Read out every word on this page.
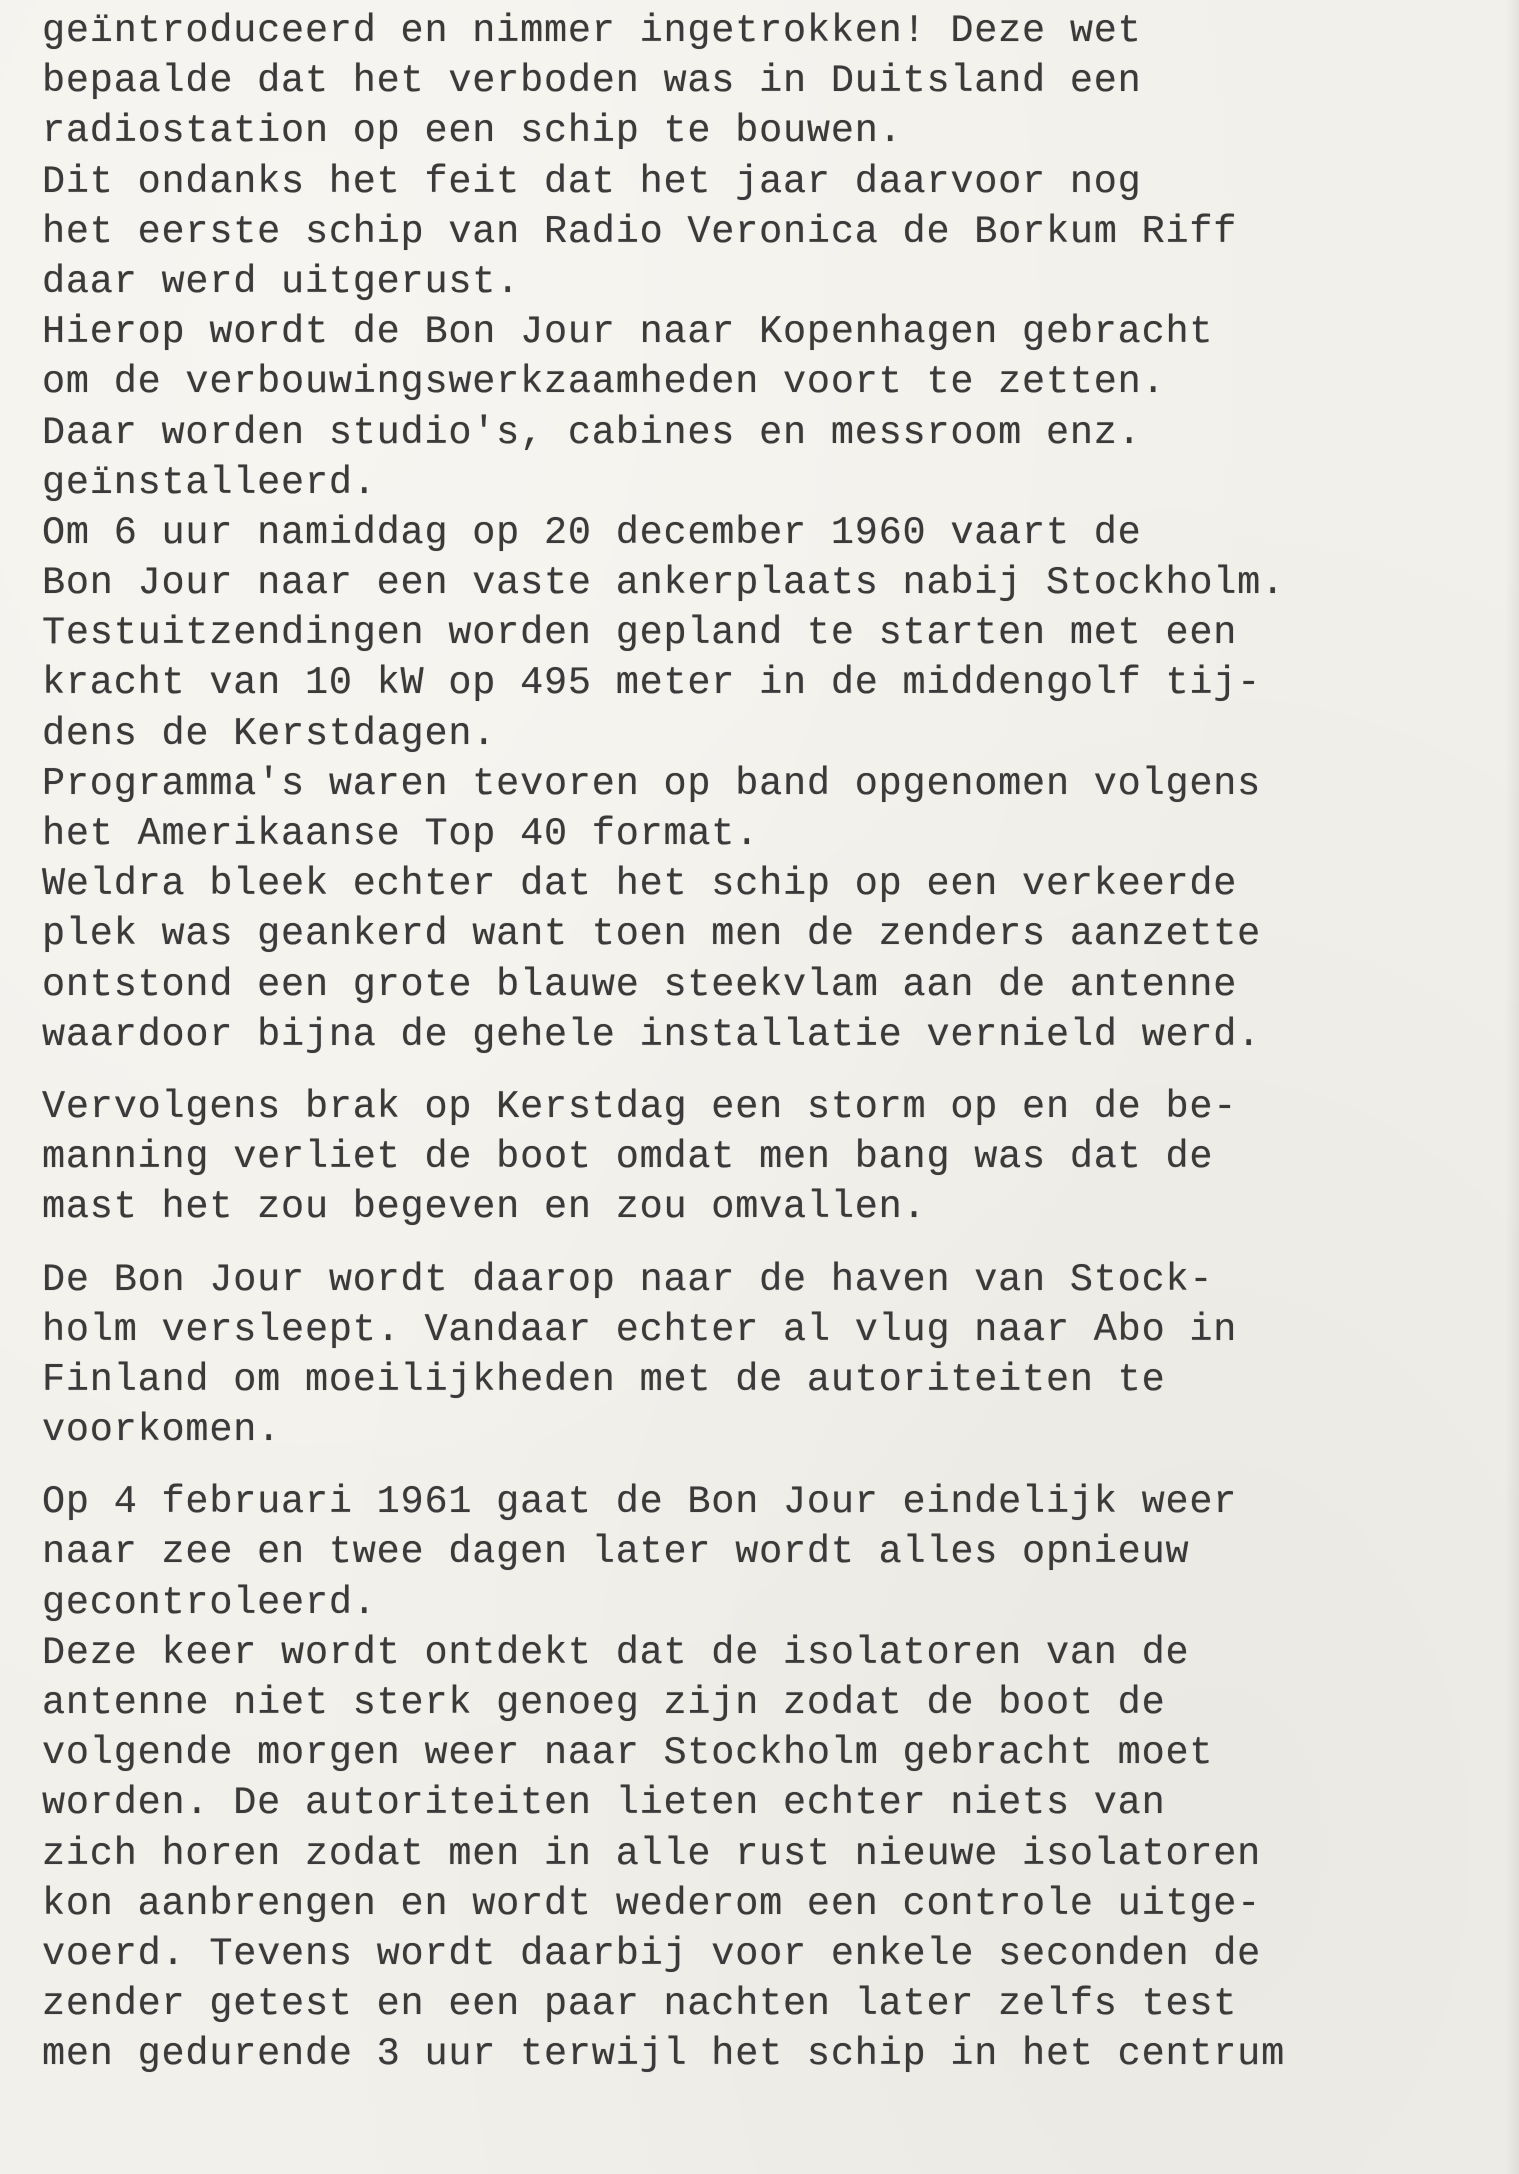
geïntroduceerd en nimmer ingetrokken! Deze wet
bepaalde dat het verboden was in Duitsland een
radiostation op een schip te bouwen.
Dit ondanks het feit dat het jaar daarvoor nog
het eerste schip van Radio Veronica de Borkum Riff
daar werd uitgerust.
Hierop wordt de Bon Jour naar Kopenhagen gebracht
om de verbouwingswerkzaamheden voort te zetten.
Daar worden studio's, cabines en messroom enz.
geïnstalleerd.
Om 6 uur namiddag op 20 december 1960 vaart de
Bon Jour naar een vaste ankerplaats nabij Stockholm.
Testuitzendingen worden gepland te starten met een
kracht van 10 kW op 495 meter in de middengolf tij-
dens de Kerstdagen.
Programma's waren tevoren op band opgenomen volgens
het Amerikaanse Top 40 format.
Weldra bleek echter dat het schip op een verkeerde
plek was geankerd want toen men de zenders aanzette
ontstond een grote blauwe steekvlam aan de antenne
waardoor bijna de gehele installatie vernield werd.
Vervolgens brak op Kerstdag een storm op en de be-
manning verliet de boot omdat men bang was dat de
mast het zou begeven en zou omvallen.
De Bon Jour wordt daarop naar de haven van Stock-
holm versleept. Vandaar echter al vlug naar Abo in
Finland om moeilijkheden met de autoriteiten te
voorkomen.
Op 4 februari 1961 gaat de Bon Jour eindelijk weer
naar zee en twee dagen later wordt alles opnieuw
gecontroleerd.
Deze keer wordt ontdekt dat de isolatoren van de
antenne niet sterk genoeg zijn zodat de boot de
volgende morgen weer naar Stockholm gebracht moet
worden. De autoriteiten lieten echter niets van
zich horen zodat men in alle rust nieuwe isolatoren
kon aanbrengen en wordt wederom een controle uitge-
voerd. Tevens wordt daarbij voor enkele seconden de
zender getest en een paar nachten later zelfs test
men gedurende 3 uur terwijl het schip in het centrum
